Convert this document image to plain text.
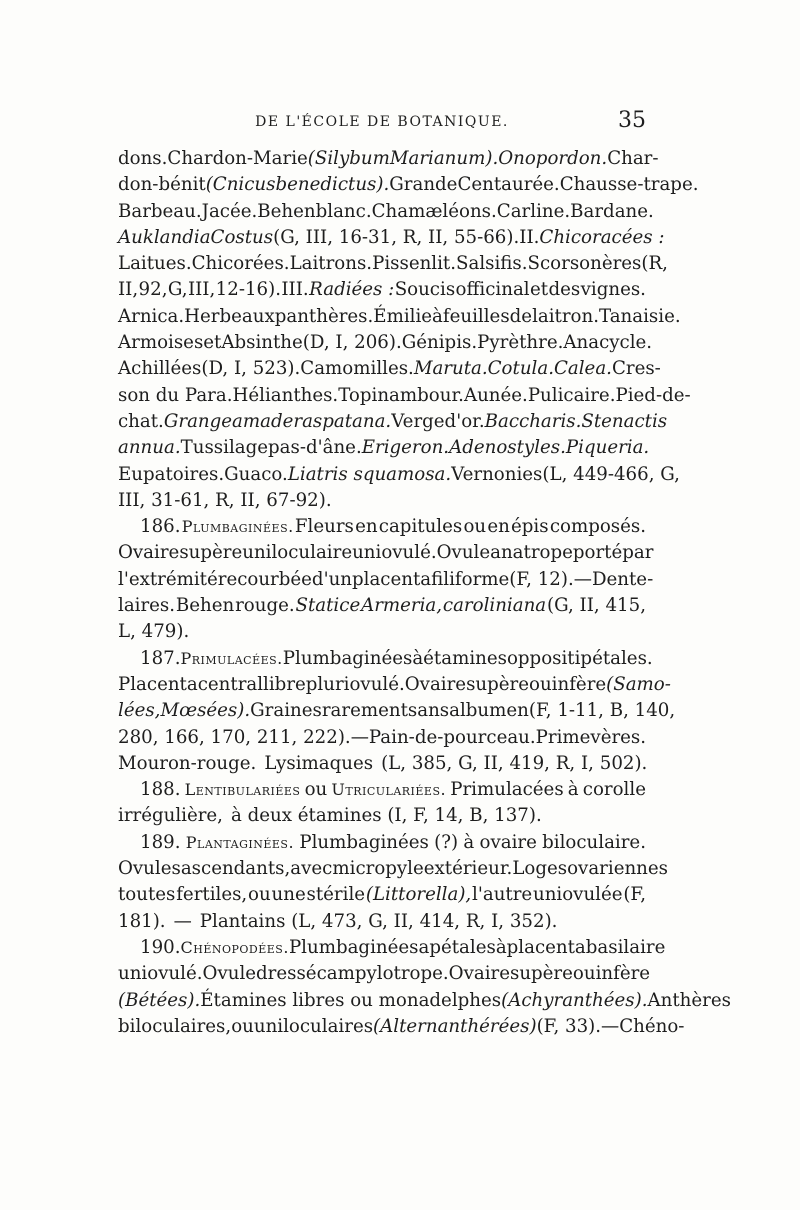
DE L'ÉCOLE DE BOTANIQUE.	35
dons. Chardon-Marie (Silybum Marianum). Onopordon. Char-
don-bénit (Cnicus benedictus). Grande Centaurée. Chausse-trape.
Barbeau. Jacée. Behen blanc. Chamæléons. Carline. Bardane.
Auklandia Costus (G, III, 16-31, R, II, 55-66). II. Chicoracées :
Laitues. Chicorées. Laitrons. Pissenlit. Salsifis. Scorsonères (R,
II, 92, G, III, 12-16). III. Radiées : Soucis officinal et des vignes.
Arnica. Herbe aux panthères. Émilie à feuilles de laitron. Tanaisie.
Armoises et Absinthe (D, I, 206). Génipis. Pyrèthre. Anacycle.
Achillées (D, I, 523). Camomilles. Maruta. Cotula. Calea. Cres-
son du Para. Hélianthes. Topinambour. Aunée. Pulicaire. Pied-de-
chat. Grangea maderaspatana. Verge d'or. Baccharis. Stenactis
annua. Tussilage pas-d'âne. Erigeron. Adenostyles. Piqueria.
Eupatoires. Guaco. Liatris squamosa. Vernonies (L, 449-466, G,
III, 31-61, R, II, 67-92).
186. Plumbaginées. Fleurs en capitules ou en épis composés.
Ovaire supère uniloculaire uniovulé. Ovule anatrope porté par
l'extrémité recourbée d'un placenta filiforme (F, 12). — Dente-
laires. Behen rouge. Statice Armeria, caroliniana (G, II, 415,
L, 479).
187. Primulacées. Plumbaginées à étamines oppositipétales.
Placenta central libre pluriovulé. Ovaire supère ou infère (Samo-
lées, Mœsées). Graines rarement sans albumen (F, 1-11, B, 140,
280, 166, 170, 211, 222). — Pain-de-pourceau. Primevères.
Mouron-rouge. Lysimaques (L, 385, G, II, 419, R, I, 502).
188. Lentibulariées ou Utriculariées. Primulacées à corolle
irrégulière, à deux étamines (I, F, 14, B, 137).
189. Plantaginées. Plumbaginées (?) à ovaire biloculaire.
Ovules ascendants, avec micropyle extérieur. Loges ovariennes
toutes fertiles, ou une stérile (Littorella), l'autre uniovulée (F,
181). — Plantains (L, 473, G, II, 414, R, I, 352).
190. Chénopodées. Plumbaginées apétales à placenta basilaire
uniovulé. Ovule dressé campylotrope. Ovaire supère ou infère
(Bétées). Étamines libres ou monadelphes (Achyranthées). Anthères
biloculaires, ou uniloculaires (Alternanthérées) (F, 33). — Chéno-
